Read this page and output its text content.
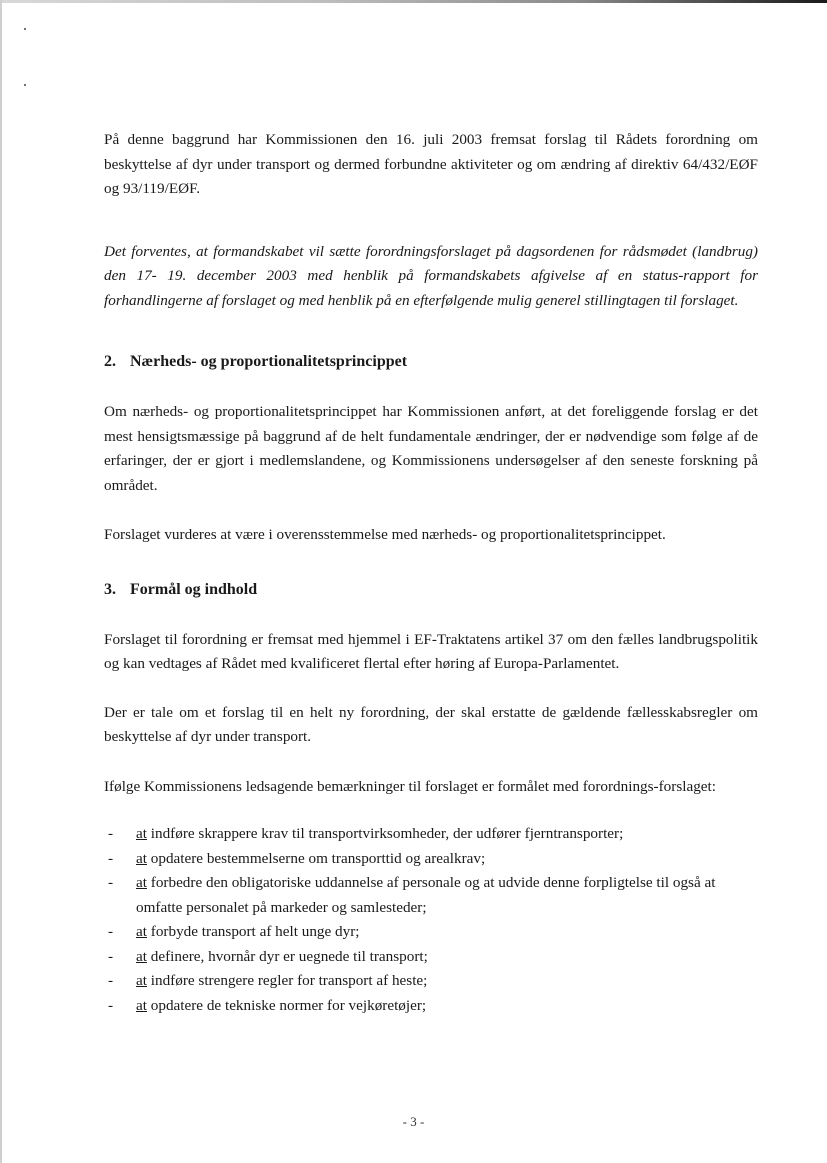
På denne baggrund har Kommissionen den 16. juli 2003 fremsat forslag til Rådets forordning om beskyttelse af dyr under transport og dermed forbundne aktiviteter og om ændring af direktiv 64/432/EØF og 93/119/EØF.

Det forventes, at formandskabet vil sætte forordningsforslaget på dagsordenen for rådsmødet (landbrug) den 17- 19. december 2003 med henblik på formandskabets afgivelse af en status-rapport for forhandlingerne af forslaget og med henblik på en efterfølgende mulig generel stillingtagen til forslaget.

2. Nærheds- og proportionalitetsprincippet

Om nærheds- og proportionalitetsprincippet har Kommissionen anført, at det foreliggende forslag er det mest hensigtsmæssige på baggrund af de helt fundamentale ændringer, der er nødvendige som følge af de erfaringer, der er gjort i medlemslandene, og Kommissionens undersøgelser af den seneste forskning på området.

Forslaget vurderes at være i overensstemmelse med nærheds- og proportionalitetsprincippet.

3. Formål og indhold

Forslaget til forordning er fremsat med hjemmel i EF-Traktatens artikel 37 om den fælles landbrugspolitik og kan vedtages af Rådet med kvalificeret flertal efter høring af Europa-Parlamentet.

Der er tale om et forslag til en helt ny forordning, der skal erstatte de gældende fællesskabsregler om beskyttelse af dyr under transport.

Ifølge Kommissionens ledsagende bemærkninger til forslaget er formålet med forordnings-forslaget:

- at indføre skrappere krav til transportvirksomheder, der udfører fjerntransporter;
- at opdatere bestemmelserne om transporttid og arealkrav;
- at forbedre den obligatoriske uddannelse af personale og at udvide denne forpligtelse til også at omfatte personalet på markeder og samlesteder;
- at forbyde transport af helt unge dyr;
- at definere, hvornår dyr er uegnede til transport;
- at indføre strengere regler for transport af heste;
- at opdatere de tekniske normer for vejkøretøjer;
- 3 -
